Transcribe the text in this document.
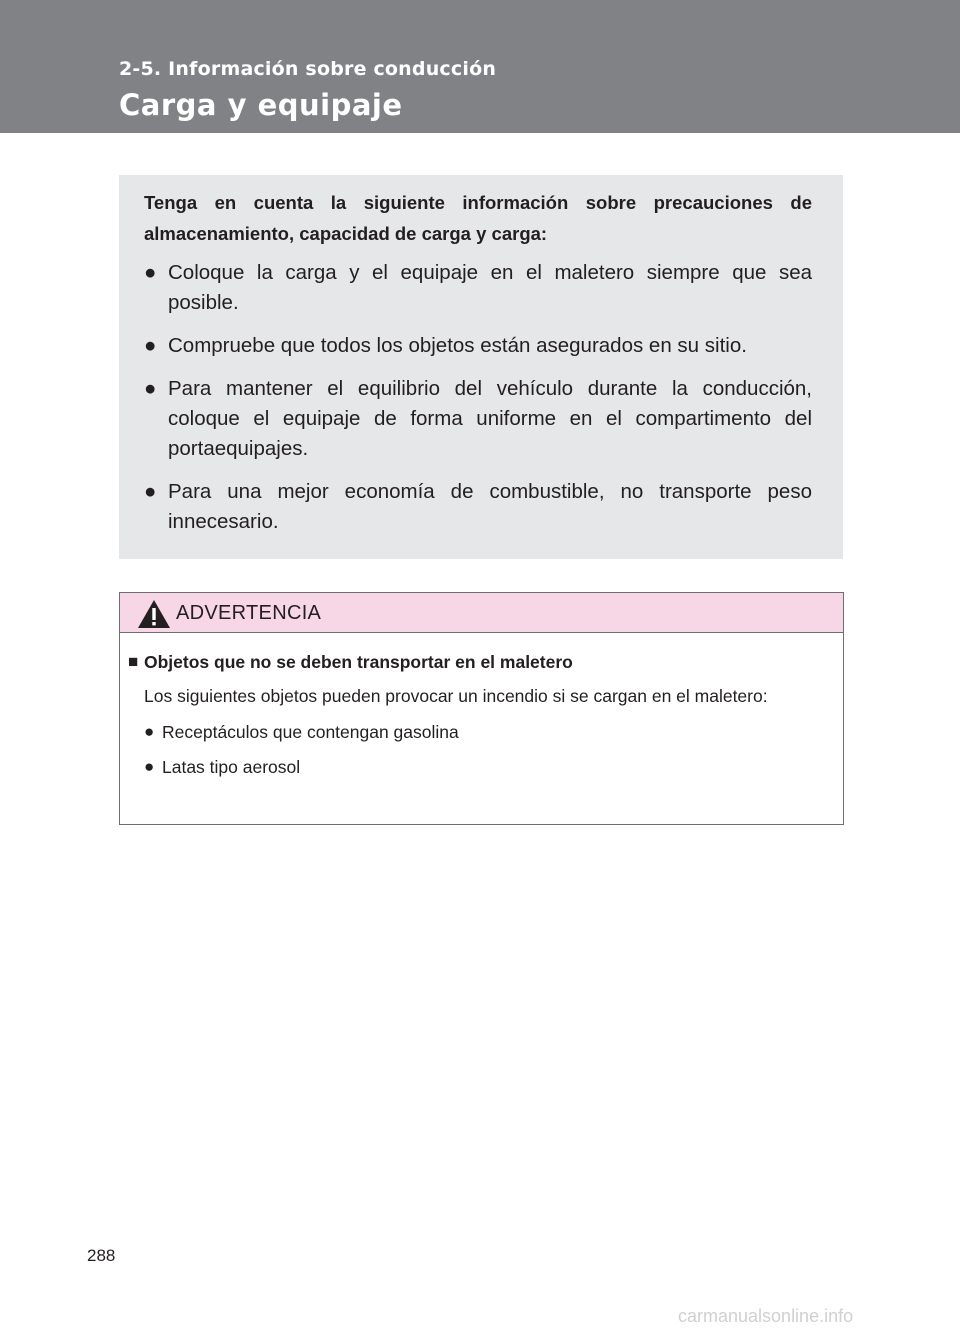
2-5. Información sobre conducción
Carga y equipaje

Tenga en cuenta la siguiente información sobre precauciones de almacenamiento, capacidad de carga y carga:

● Coloque la carga y el equipaje en el maletero siempre que sea posible.
● Compruebe que todos los objetos están asegurados en su sitio.
● Para mantener el equilibrio del vehículo durante la conducción, coloque el equipaje de forma uniforme en el compartimento del portaequipajes.
● Para una mejor economía de combustible, no transporte peso innecesario.
ADVERTENCIA
■ Objetos que no se deben transportar en el maletero

Los siguientes objetos pueden provocar un incendio si se cargan en el maletero:

● Receptáculos que contengan gasolina
● Latas tipo aerosol
288
carmanualsonline.info
